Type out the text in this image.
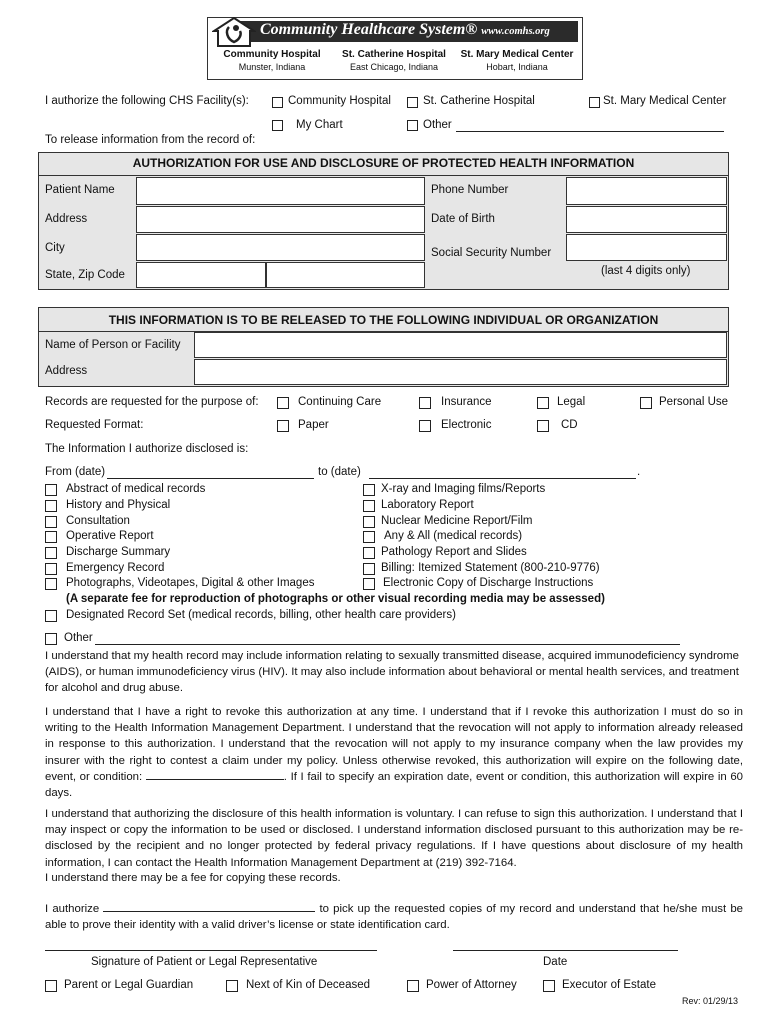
Community Healthcare System® www.comhs.org
Community Hospital
Munster, Indiana
St. Catherine Hospital
East Chicago, Indiana
St. Mary Medical Center
Hobart, Indiana
I authorize the following CHS Facility(s):	Community Hospital	St. Catherine Hospital	St. Mary Medical Center
My Chart	Other
To release information from the record of:
AUTHORIZATION FOR USE AND DISCLOSURE OF PROTECTED HEALTH INFORMATION
Patient Name	Phone Number
Address	Date of Birth
City	Social Security Number
(last 4 digits only)
State, Zip Code
THIS INFORMATION IS TO BE RELEASED TO THE FOLLOWING INDIVIDUAL OR ORGANIZATION
Name of Person or Facility
Address
Records are requested for the purpose of:	Continuing Care	Insurance	Legal	Personal Use
Requested Format:	Paper	Electronic	CD
The Information I authorize disclosed is:
From (date)	to (date)	.
Abstract of medical records
History and Physical
Consultation
Operative Report
Discharge Summary
Emergency Record
Photographs, Videotapes, Digital & other Images
X-ray and Imaging films/Reports
Laboratory Report
Nuclear Medicine Report/Film
Any & All (medical records)
Pathology Report and Slides
Billing: Itemized Statement (800-210-9776)
Electronic Copy of Discharge Instructions
(A separate fee for reproduction of photographs or other visual recording media may be assessed)
Designated Record Set (medical records, billing, other health care providers)
Other
I understand that my health record may include information relating to sexually transmitted disease, acquired immunodeficiency syndrome (AIDS), or human immunodeficiency virus (HIV). It may also include information about behavioral or mental health services, and treatment for alcohol and drug abuse.
I understand that I have a right to revoke this authorization at any time. I understand that if I revoke this authorization I must do so in writing to the Health Information Management Department. I understand that the revocation will not apply to information already released in response to this authorization. I understand that the revocation will not apply to my insurance company when the law provides my insurer with the right to contest a claim under my policy. Unless otherwise revoked, this authorization will expire on the following date, event, or condition:	. If I fail to specify an expiration date, event or condition, this authorization will expire in 60 days.
I understand that authorizing the disclosure of this health information is voluntary. I can refuse to sign this authorization. I understand that I may inspect or copy the information to be used or disclosed. I understand information disclosed pursuant to this authorization may be re-disclosed by the recipient and no longer protected by federal privacy regulations. If I have questions about disclosure of my health information, I can contact the Health Information Management Department at (219) 392-7164.
I understand there may be a fee for copying these records.
I authorize	to pick up the requested copies of my record and understand that he/she must be able to prove their identity with a valid driver’s license or state identification card.
Signature of Patient or Legal Representative	Date
Parent or Legal Guardian	Next of Kin of Deceased	Power of Attorney	Executor of Estate
Rev: 01/29/13
